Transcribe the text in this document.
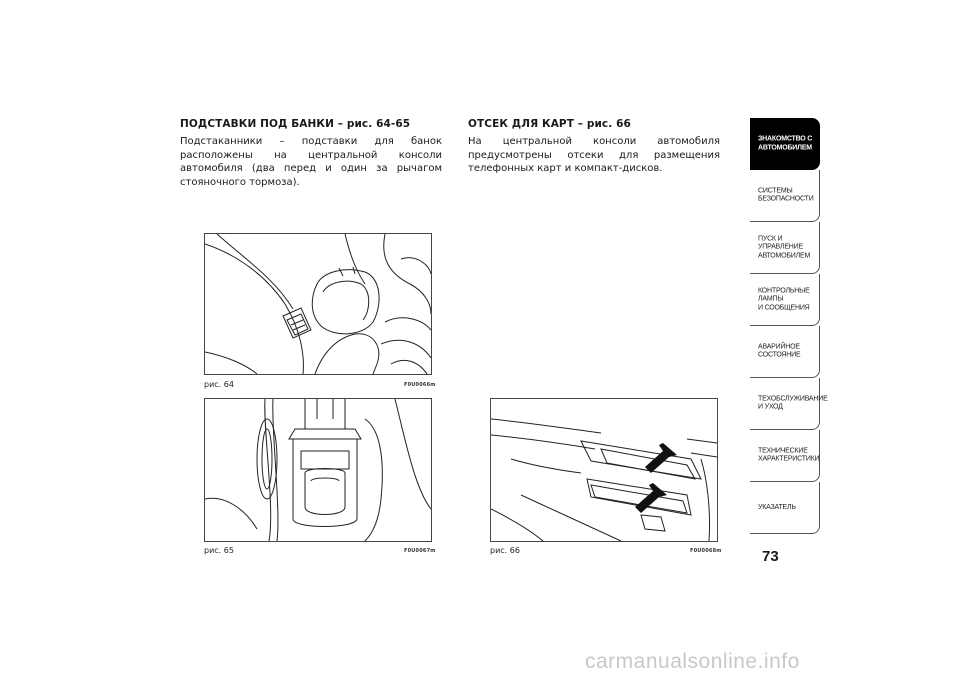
ПОДСТАВКИ ПОД БАНКИ – рис. 64-65

Подстаканники – подставки для банок расположены на центральной консоли автомобиля (два перед и один за рычагом стояночного тормоза).

ОТСЕК ДЛЯ КАРТ – рис. 66

На центральной консоли автомобиля предусмотрены отсеки для размещения телефонных карт и компакт-дисков.

рис. 64	F0U0066m
рис. 65	F0U0067m	рис. 66	F0U0068m
ЗНАКОМСТВО С
АВТОМОБИЛЕМ
СИСТЕМЫ
БЕЗОПАСНОСТИ
ПУСК И УПРАВЛЕНИЕ
АВТОМОБИЛЕМ
КОНТРОЛЬНЫЕ
ЛАМПЫ
И СООБЩЕНИЯ
АВАРИЙНОЕ
СОСТОЯНИЕ
ТЕХОБСЛУЖИВАНИЕ
И УХОД
ТЕХНИЧЕСКИЕ
ХАРАКТЕРИСТИКИ
УКАЗАТЕЛЬ
73
carmanualsonline.info
